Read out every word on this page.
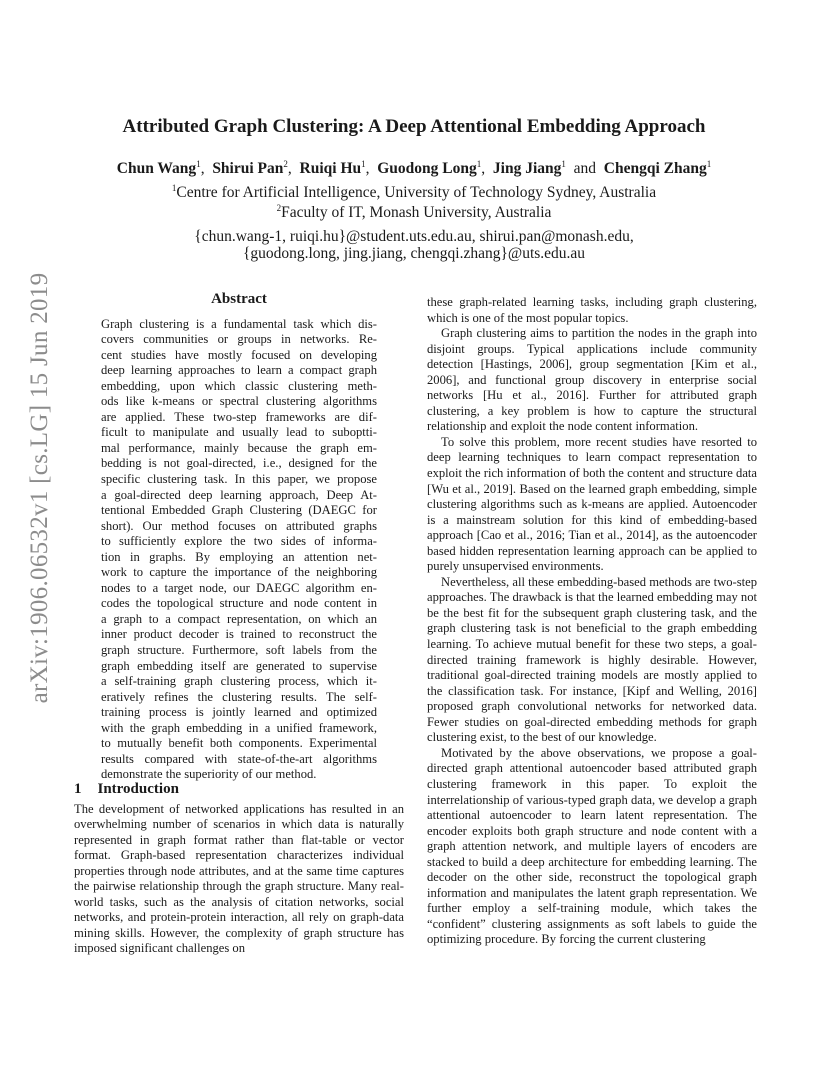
arXiv:1906.06532v1 [cs.LG] 15 Jun 2019
Attributed Graph Clustering: A Deep Attentional Embedding Approach
Chun Wang$^1$,  Shirui Pan$^2$,  Ruiqi Hu$^1$,  Guodong Long$^1$,  Jing Jiang$^1$ and Chengqi Zhang$^1$
$^1$Centre for Artificial Intelligence, University of Technology Sydney, Australia
$^2$Faculty of IT, Monash University, Australia
{chun.wang-1, ruiqi.hu}@student.uts.edu.au, shirui.pan@monash.edu,
{guodong.long, jing.jiang, chengqi.zhang}@uts.edu.au
Abstract
Graph clustering is a fundamental task which dis-
covers communities or groups in networks. Re-
cent studies have mostly focused on developing
deep learning approaches to learn a compact graph
embedding, upon which classic clustering meth-
ods like k-means or spectral clustering algorithms
are applied. These two-step frameworks are dif-
ficult to manipulate and usually lead to suboptti-
mal performance, mainly because the graph em-
bedding is not goal-directed, i.e., designed for the
specific clustering task. In this paper, we propose
a goal-directed deep learning approach, Deep At-
tentional Embedded Graph Clustering (DAEGC for
short). Our method focuses on attributed graphs
to sufficiently explore the two sides of informa-
tion in graphs. By employing an attention net-
work to capture the importance of the neighboring
nodes to a target node, our DAEGC algorithm en-
codes the topological structure and node content in
a graph to a compact representation, on which an
inner product decoder is trained to reconstruct the
graph structure. Furthermore, soft labels from the
graph embedding itself are generated to supervise
a self-training graph clustering process, which it-
eratively refines the clustering results. The self-
training process is jointly learned and optimized
with the graph embedding in a unified framework,
to mutually benefit both components. Experimental
results compared with state-of-the-art algorithms
demonstrate the superiority of our method.
1 Introduction

The development of networked applications has resulted in an overwhelming number of scenarios in which data is naturally represented in graph format rather than flat-table or vector format. Graph-based representation characterizes individual properties through node attributes, and at the same time captures the pairwise relationship through the graph structure. Many real-world tasks, such as the analysis of citation networks, social networks, and protein-protein interaction, all rely on graph-data mining skills. However, the complexity of graph structure has imposed significant challenges on

these graph-related learning tasks, including graph clustering, which is one of the most popular topics.

Graph clustering aims to partition the nodes in the graph into disjoint groups. Typical applications include community detection [Hastings, 2006], group segmentation [Kim et al., 2006], and functional group discovery in enterprise social networks [Hu et al., 2016]. Further for attributed graph clustering, a key problem is how to capture the structural relationship and exploit the node content information.

To solve this problem, more recent studies have resorted to deep learning techniques to learn compact representation to exploit the rich information of both the content and structure data [Wu et al., 2019]. Based on the learned graph embedding, simple clustering algorithms such as k-means are applied. Autoencoder is a mainstream solution for this kind of embedding-based approach [Cao et al., 2016; Tian et al., 2014], as the autoencoder based hidden representation learning approach can be applied to purely unsupervised environments.

Nevertheless, all these embedding-based methods are two-step approaches. The drawback is that the learned embedding may not be the best fit for the subsequent graph clustering task, and the graph clustering task is not beneficial to the graph embedding learning. To achieve mutual benefit for these two steps, a goal-directed training framework is highly desirable. However, traditional goal-directed training models are mostly applied to the classification task. For instance, [Kipf and Welling, 2016] proposed graph convolutional networks for networked data. Fewer studies on goal-directed embedding methods for graph clustering exist, to the best of our knowledge.

Motivated by the above observations, we propose a goal-directed graph attentional autoencoder based attributed graph clustering framework in this paper. To exploit the interrelationship of various-typed graph data, we develop a graph attentional autoencoder to learn latent representation. The encoder exploits both graph structure and node content with a graph attention network, and multiple layers of encoders are stacked to build a deep architecture for embedding learning. The decoder on the other side, reconstruct the topological graph information and manipulates the latent graph representation. We further employ a self-training module, which takes the “confident” clustering assignments as soft labels to guide the optimizing procedure. By forcing the current clustering
